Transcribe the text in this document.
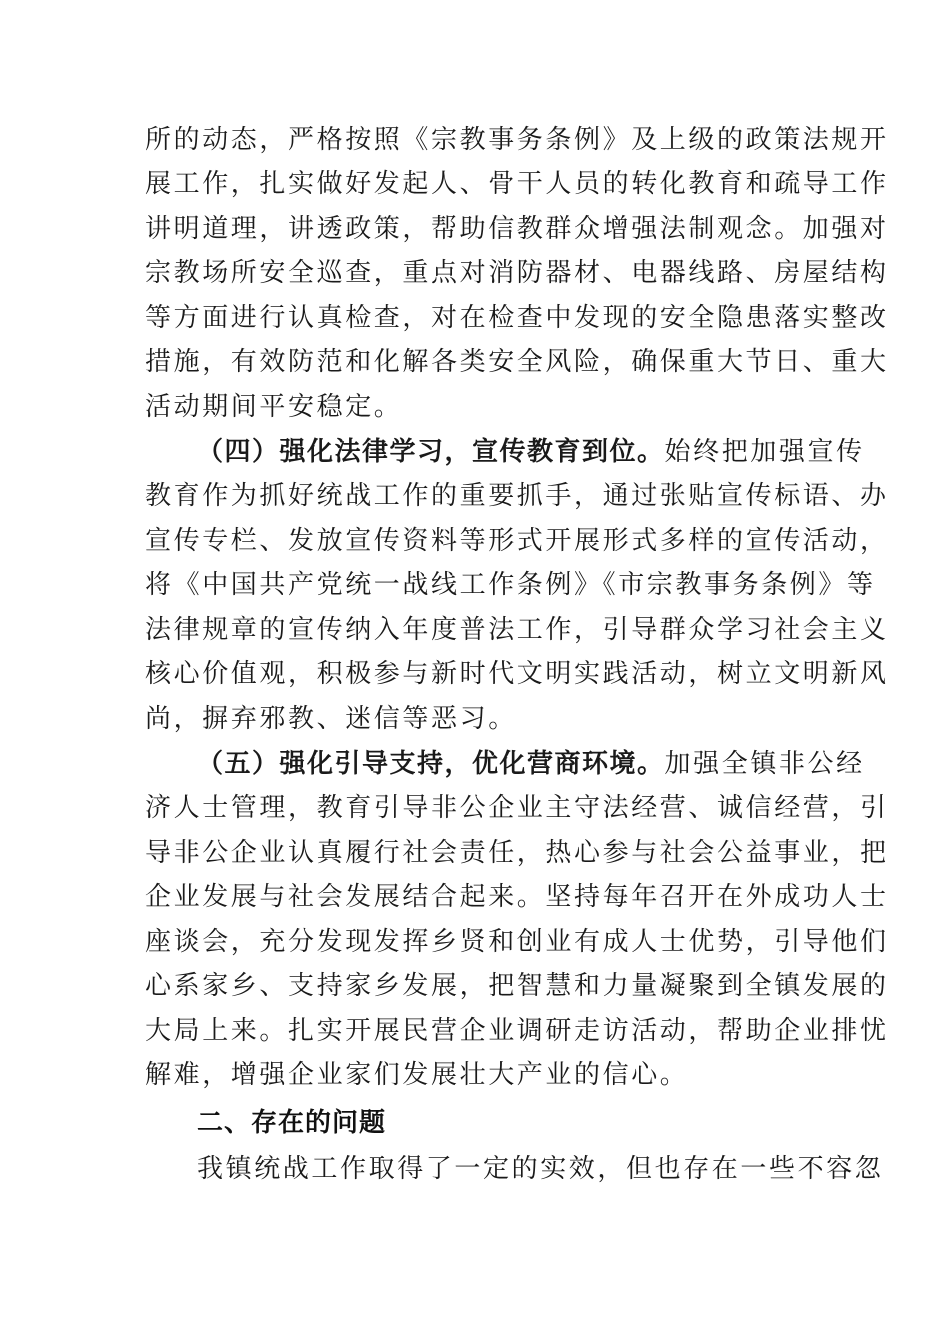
所的动态，严格按照《宗教事务条例》及上级的政策法规开
展工作，扎实做好发起人、骨干人员的转化教育和疏导工作
讲明道理，讲透政策，帮助信教群众增强法制观念。加强对
宗教场所安全巡查，重点对消防器材、电器线路、房屋结构
等方面进行认真检查，对在检查中发现的安全隐患落实整改
措施，有效防范和化解各类安全风险，确保重大节日、重大
活动期间平安稳定。
（四）强化法律学习，宣传教育到位。始终把加强宣传
教育作为抓好统战工作的重要抓手，通过张贴宣传标语、办
宣传专栏、发放宣传资料等形式开展形式多样的宣传活动，
将《中国共产党统一战线工作条例》《市宗教事务条例》等
法律规章的宣传纳入年度普法工作，引导群众学习社会主义
核心价值观，积极参与新时代文明实践活动，树立文明新风
尚，摒弃邪教、迷信等恶习。
（五）强化引导支持，优化营商环境。加强全镇非公经
济人士管理，教育引导非公企业主守法经营、诚信经营，引
导非公企业认真履行社会责任，热心参与社会公益事业，把
企业发展与社会发展结合起来。坚持每年召开在外成功人士
座谈会，充分发现发挥乡贤和创业有成人士优势，引导他们
心系家乡、支持家乡发展，把智慧和力量凝聚到全镇发展的
大局上来。扎实开展民营企业调研走访活动，帮助企业排忧
解难，增强企业家们发展壮大产业的信心。
二、存在的问题
我镇统战工作取得了一定的实效，但也存在一些不容忽
